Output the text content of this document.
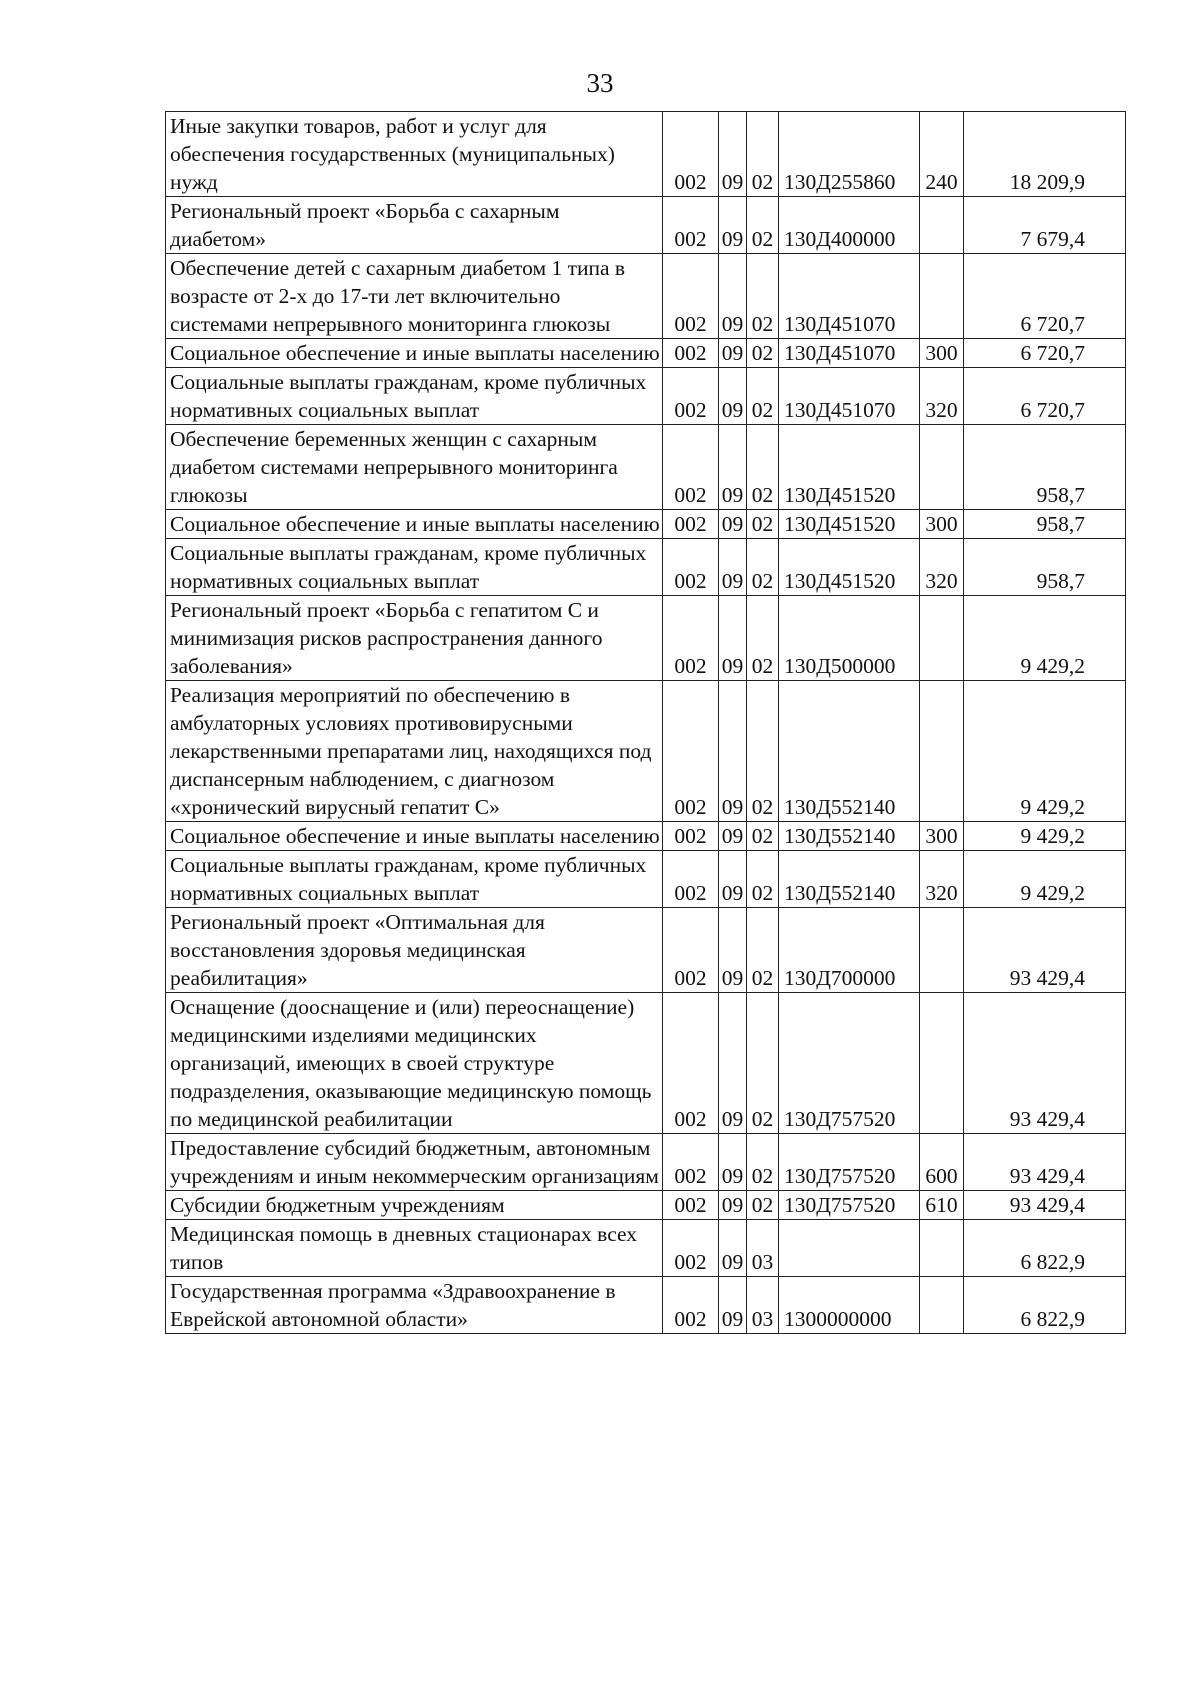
33
Иные закупки товаров, работ и услуг для обеспечения государственных (муниципальных) нужд	002	09	02	130Д255860	240	18 209,9
Региональный проект «Борьба с сахарным диабетом»	002	09	02	130Д400000		7 679,4
Обеспечение детей с сахарным диабетом 1 типа в возрасте от 2-х до 17-ти лет включительно системами непрерывного мониторинга глюкозы	002	09	02	130Д451070		6 720,7
Социальное обеспечение и иные выплаты населению	002	09	02	130Д451070	300	6 720,7
Социальные выплаты гражданам, кроме публичных нормативных социальных выплат	002	09	02	130Д451070	320	6 720,7
Обеспечение беременных женщин с сахарным диабетом системами непрерывного мониторинга глюкозы	002	09	02	130Д451520		958,7
Социальное обеспечение и иные выплаты населению	002	09	02	130Д451520	300	958,7
Социальные выплаты гражданам, кроме публичных нормативных социальных выплат	002	09	02	130Д451520	320	958,7
Региональный проект «Борьба с гепатитом С и минимизация рисков распространения данного заболевания»	002	09	02	130Д500000		9 429,2
Реализация мероприятий по обеспечению в амбулаторных условиях противовирусными лекарственными препаратами лиц, находящихся под диспансерным наблюдением, с диагнозом «хронический вирусный гепатит С»	002	09	02	130Д552140		9 429,2
Социальное обеспечение и иные выплаты населению	002	09	02	130Д552140	300	9 429,2
Социальные выплаты гражданам, кроме публичных нормативных социальных выплат	002	09	02	130Д552140	320	9 429,2
Региональный проект «Оптимальная для восстановления здоровья медицинская реабилитация»	002	09	02	130Д700000		93 429,4
Оснащение (дооснащение и (или) переоснащение) медицинскими изделиями медицинских организаций, имеющих в своей структуре подразделения, оказывающие медицинскую помощь по медицинской реабилитации	002	09	02	130Д757520		93 429,4
Предоставление субсидий бюджетным, автономным учреждениям и иным некоммерческим организациям	002	09	02	130Д757520	600	93 429,4
Субсидии бюджетным учреждениям	002	09	02	130Д757520	610	93 429,4
Медицинская помощь в дневных стационарах всех типов	002	09	03			6 822,9
Государственная программа «Здравоохранение в Еврейской автономной области»	002	09	03	1300000000		6 822,9
